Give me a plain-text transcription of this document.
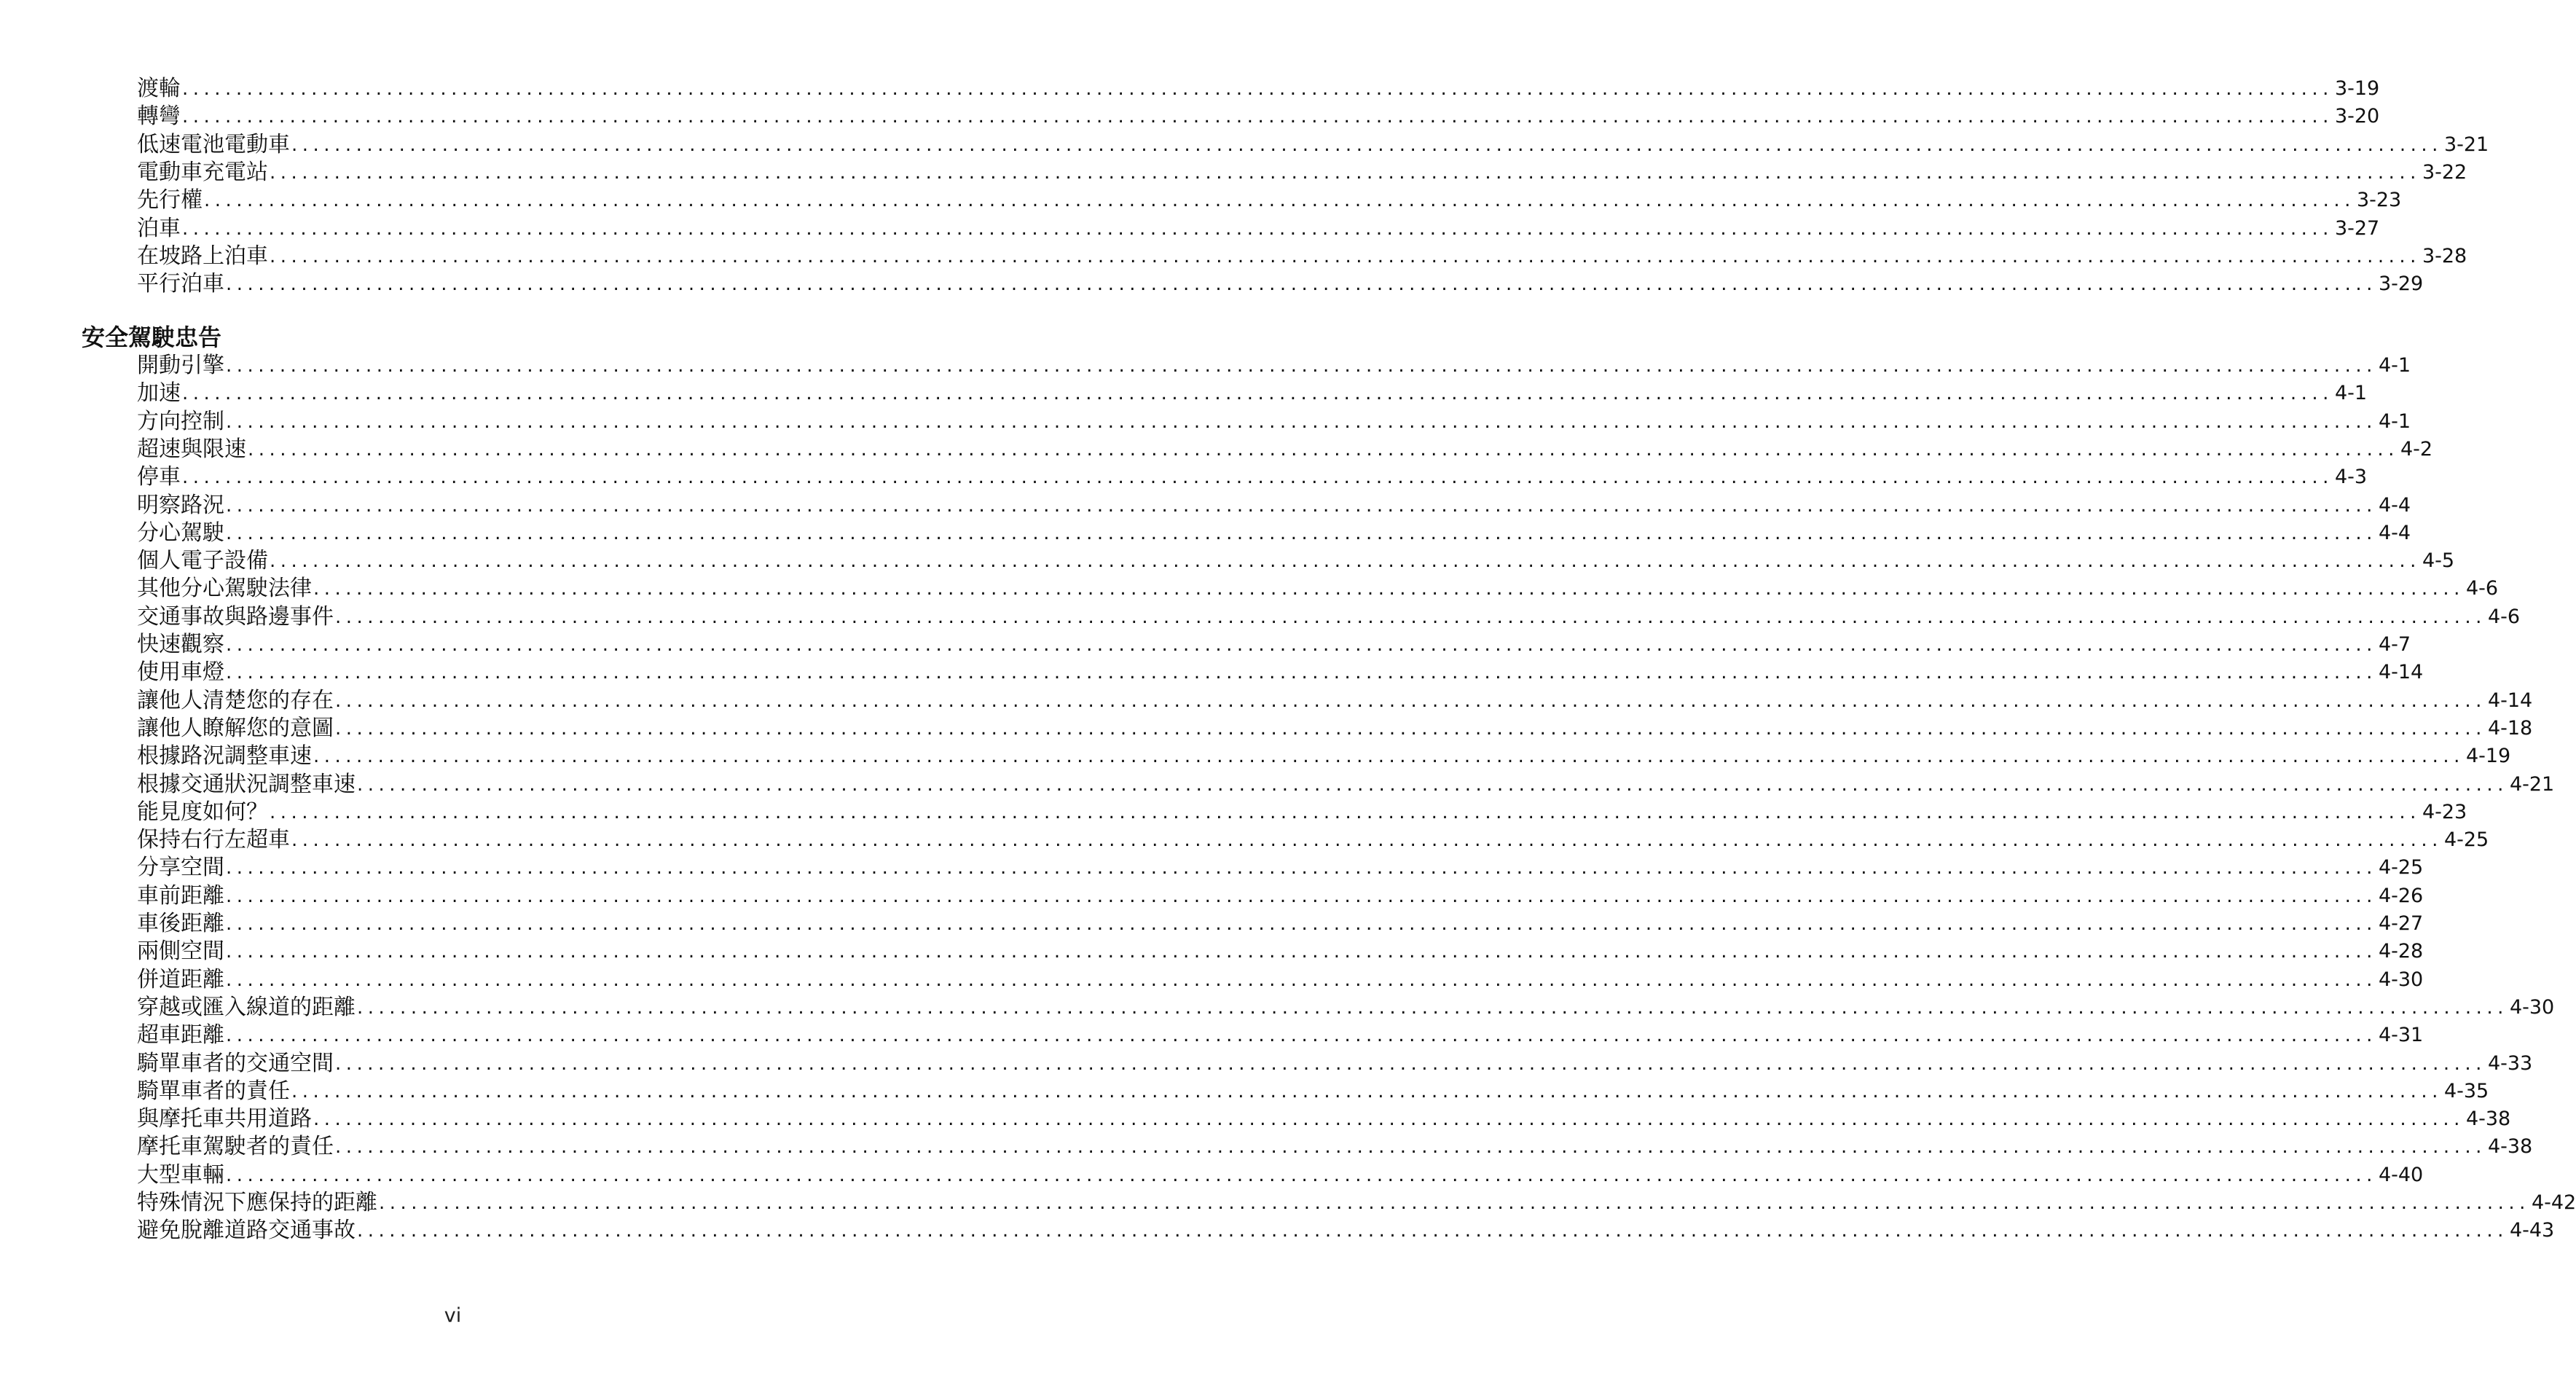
渡輪 ........................................................................................................................................................................................................ 3-19
轉彎 ........................................................................................................................................................................................................ 3-20
低速電池電動車 ........................................................................................................................................................................................................ 3-21
電動車充電站 ........................................................................................................................................................................................................ 3-22
先行權 ........................................................................................................................................................................................................ 3-23
泊車 ........................................................................................................................................................................................................ 3-27
在坡路上泊車 ........................................................................................................................................................................................................ 3-28
平行泊車 ........................................................................................................................................................................................................ 3-29
安全駕駛忠告
開動引擎 ........................................................................................................................................................................................................ 4-1
加速 ........................................................................................................................................................................................................ 4-1
方向控制 ........................................................................................................................................................................................................ 4-1
超速與限速 ........................................................................................................................................................................................................ 4-2
停車 ........................................................................................................................................................................................................ 4-3
明察路況 ........................................................................................................................................................................................................ 4-4
分心駕駛 ........................................................................................................................................................................................................ 4-4
個人電子設備 ........................................................................................................................................................................................................ 4-5
其他分心駕駛法律 ........................................................................................................................................................................................................ 4-6
交通事故與路邊事件 ........................................................................................................................................................................................................ 4-6
快速觀察 ........................................................................................................................................................................................................ 4-7
使用車燈 ........................................................................................................................................................................................................ 4-14
讓他人清楚您的存在 ........................................................................................................................................................................................................ 4-14
讓他人瞭解您的意圖 ........................................................................................................................................................................................................ 4-18
根據路況調整車速 ........................................................................................................................................................................................................ 4-19
根據交通狀況調整車速 ........................................................................................................................................................................................................ 4-21
能見度如何？ ........................................................................................................................................................................................................ 4-23
保持右行左超車 ........................................................................................................................................................................................................ 4-25
分享空間 ........................................................................................................................................................................................................ 4-25
車前距離 ........................................................................................................................................................................................................ 4-26
車後距離 ........................................................................................................................................................................................................ 4-27
兩側空間 ........................................................................................................................................................................................................ 4-28
併道距離 ........................................................................................................................................................................................................ 4-30
穿越或匯入線道的距離 ........................................................................................................................................................................................................ 4-30
超車距離 ........................................................................................................................................................................................................ 4-31
騎單車者的交通空間 ........................................................................................................................................................................................................ 4-33
騎單車者的責任 ........................................................................................................................................................................................................ 4-35
與摩托車共用道路 ........................................................................................................................................................................................................ 4-38
摩托車駕駛者的責任 ........................................................................................................................................................................................................ 4-38
大型車輛 ........................................................................................................................................................................................................ 4-40
特殊情況下應保持的距離 ........................................................................................................................................................................................................ 4-42
避免脫離道路交通事故 ........................................................................................................................................................................................................ 4-43
vi
